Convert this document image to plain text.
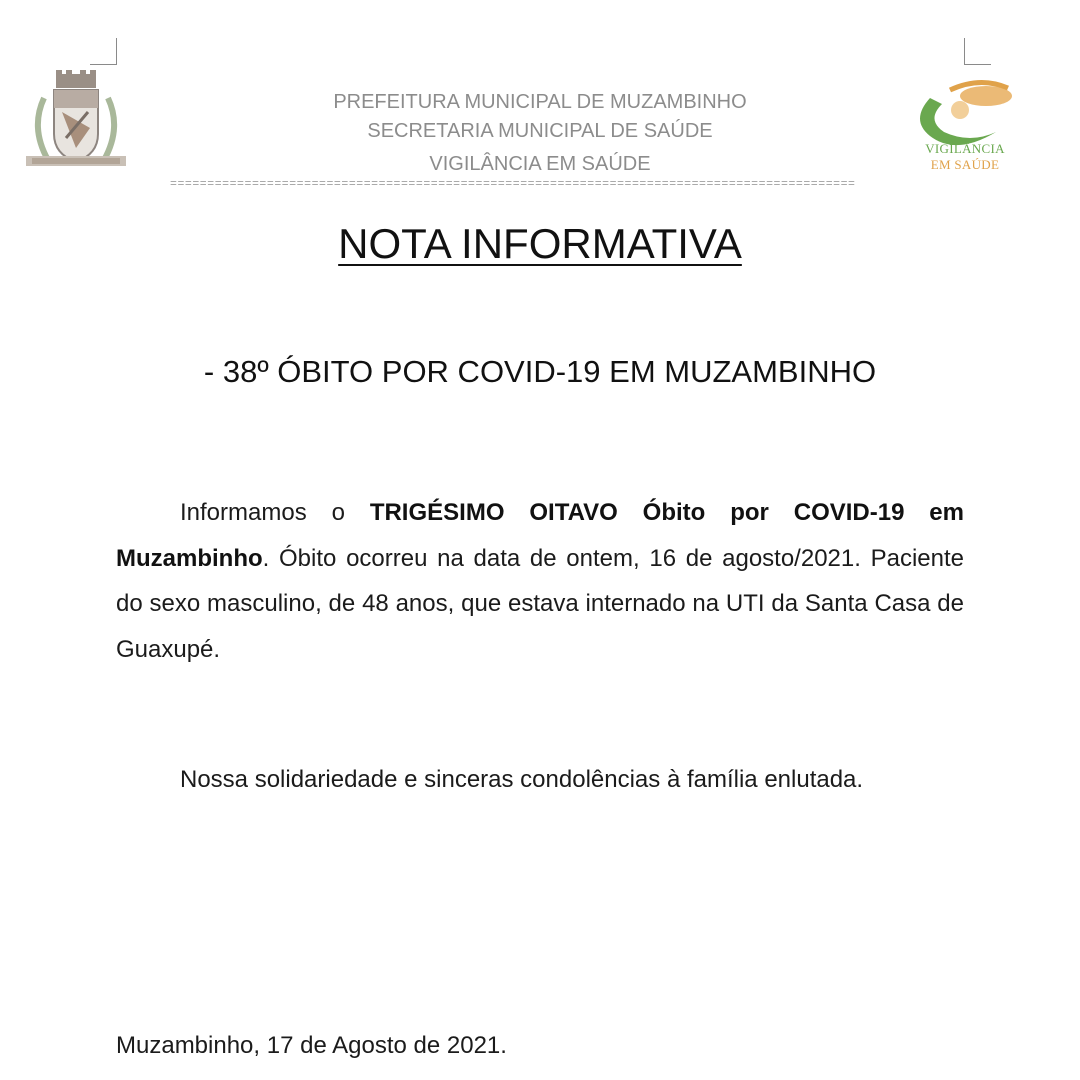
VIGILÂNCIA
EM SAÚDE
PREFEITURA MUNICIPAL DE MUZAMBINHO
SECRETARIA MUNICIPAL DE SAÚDE
VIGILÂNCIA EM SAÚDE
============================================================================================
NOTA INFORMATIVA
- 38º ÓBITO POR COVID-19 EM MUZAMBINHO
Informamos o TRIGÉSIMO OITAVO Óbito por COVID-19 em Muzambinho. Óbito ocorreu na data de ontem, 16 de agosto/2021. Paciente do sexo masculino, de 48 anos, que estava internado na UTI da Santa Casa de Guaxupé.
Nossa solidariedade e sinceras condolências à família enlutada.
Muzambinho, 17 de Agosto de 2021.
